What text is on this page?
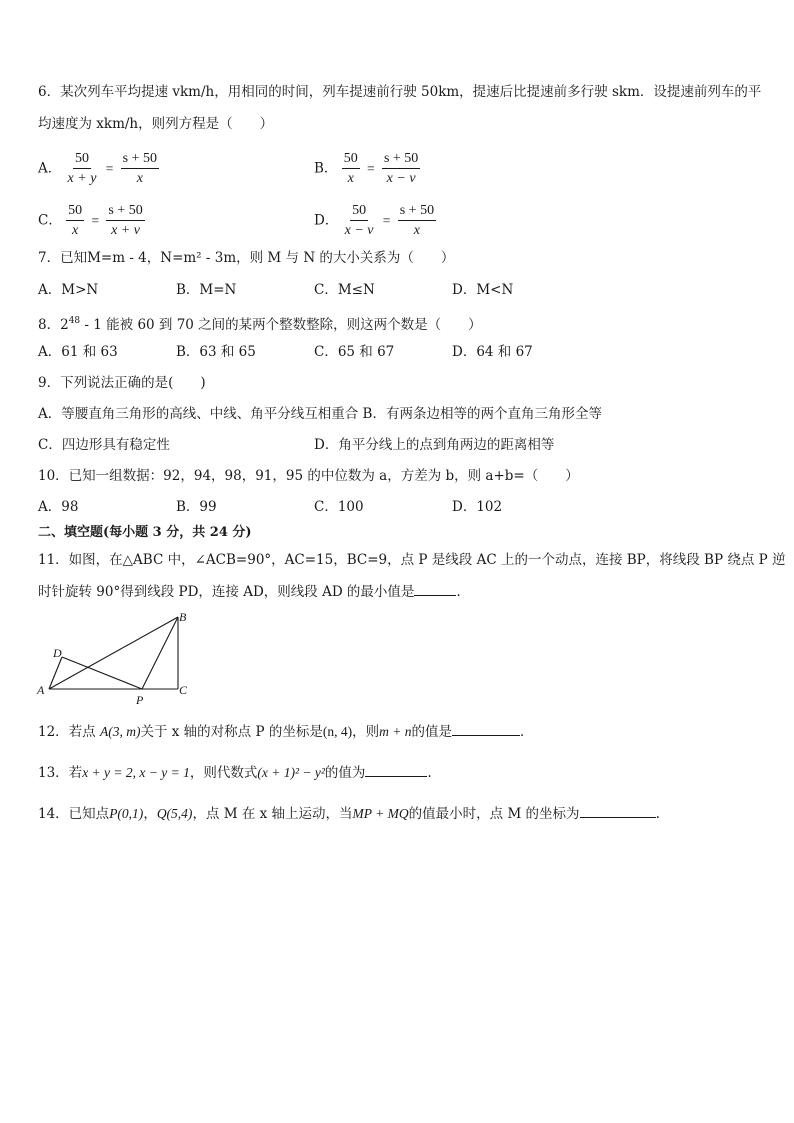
6．某次列车平均提速 vkm/h，用相同的时间，列车提速前行驶 50km，提速后比提速前多行驶 skm．设提速前列车的平
均速度为 xkm/h，则列方程是（　　）
A． $\frac{50}{x + y} = \frac{s + 50}{x}$	B． $\frac{50}{x} = \frac{s + 50}{x - v}$
C． $\frac{50}{x} = \frac{s + 50}{x + v}$	D． $\frac{50}{x - v} = \frac{s + 50}{x}$
7．已知M=m - 4，N=m² - 3m，则 M 与 N 的大小关系为（　　）
A．M>N	B．M=N	C．M≤N	D．M<N
8．$2^{48} - 1$ 能被 60 到 70 之间的某两个整数整除，则这两个数是（　　）
A．61 和 63	B．63 和 65	C．65 和 67	D．64 和 67
9．下列说法正确的是(　　)
A．等腰直角三角形的高线、中线、角平分线互相重合 B．有两条边相等的两个直角三角形全等
C．四边形具有稳定性	D．角平分线上的点到角两边的距离相等
10．已知一组数据：92，94，98，91，95 的中位数为 a，方差为 b，则 a+b=（　　）
A．98	B．99	C．100	D．102
二、填空题(每小题 3 分，共 24 分)
11．如图，在△ABC 中，∠ACB=90°，AC=15，BC=9，点 P 是线段 AC 上的一个动点，连接 BP，将线段 BP 绕点 P 逆
时针旋转 90°得到线段 PD，连接 AD，则线段 AD 的最小值是	．
A
B
C
D
P
12．若点 A(3, m)关于 x 轴的对称点 P 的坐标是(n, 4)，则m + n的值是	．
13．若x + y = 2, x − y = 1，则代数式(x + 1)² − y²的值为	.
14．已知点P(0,1)，Q(5,4)，点 M 在 x 轴上运动，当MP + MQ的值最小时，点 M 的坐标为	.
